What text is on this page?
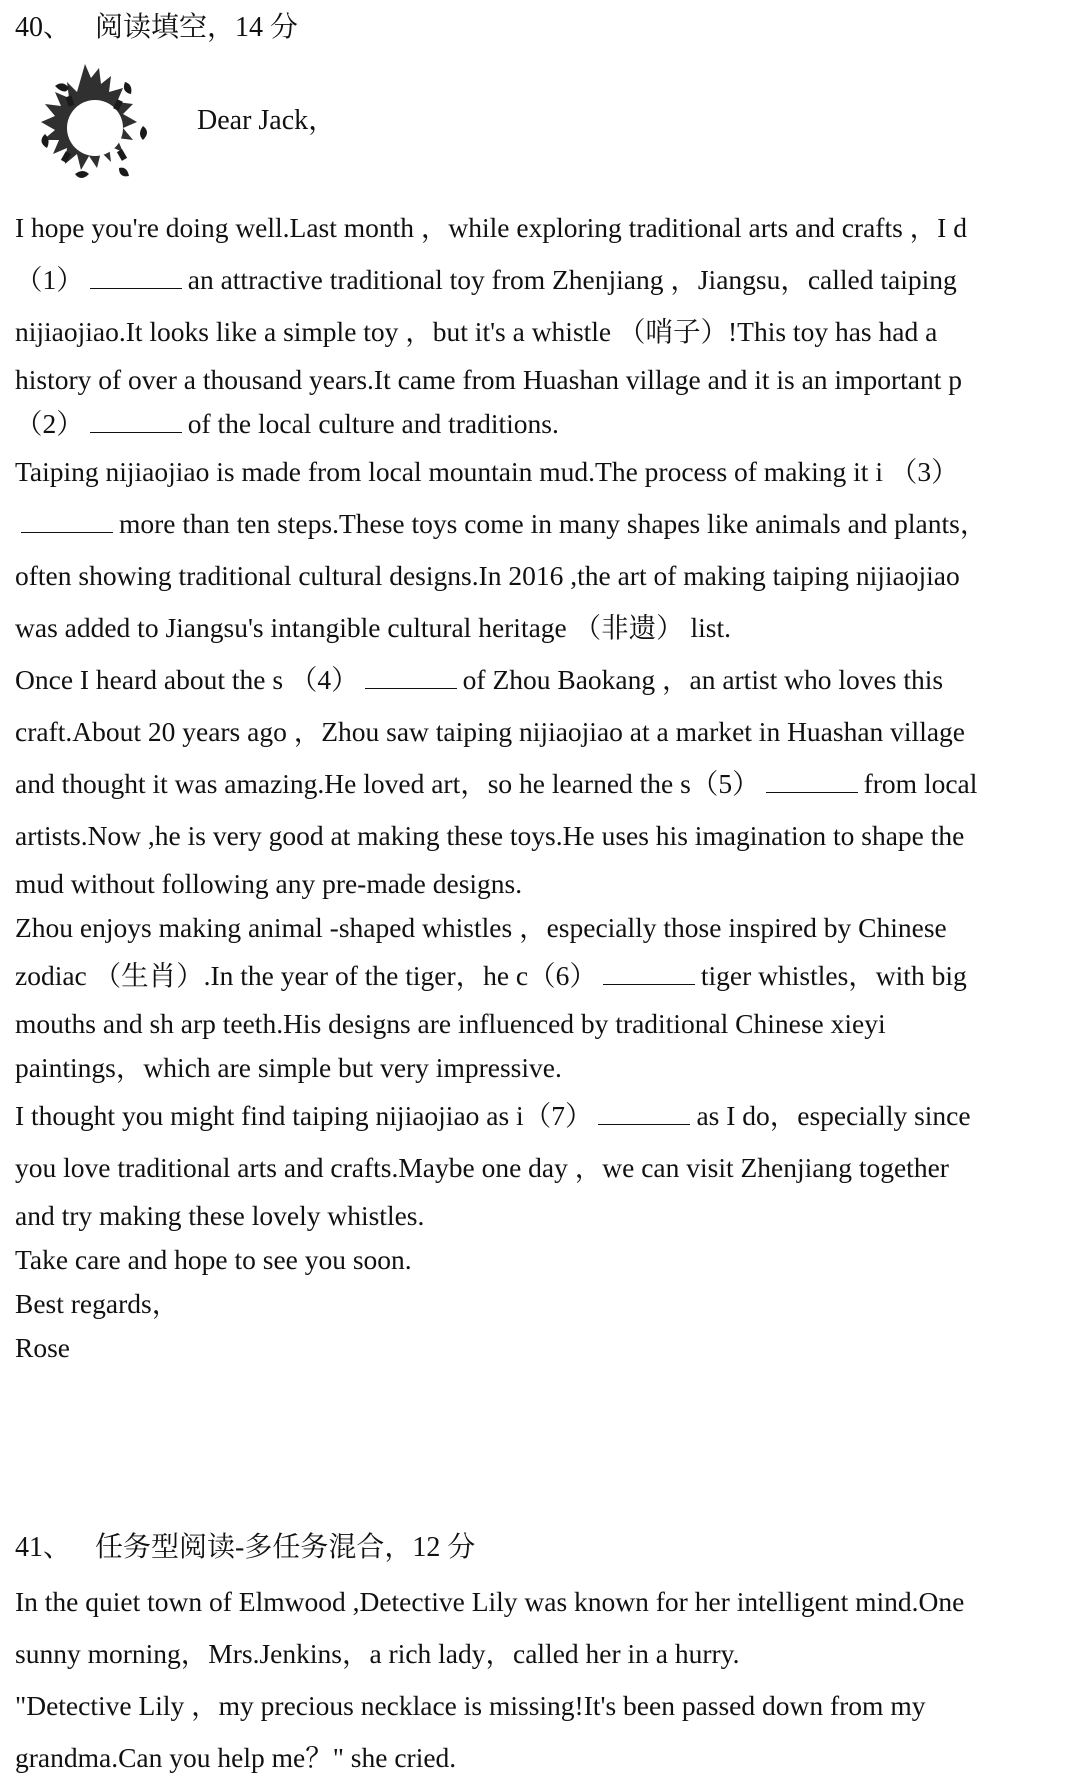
40、 阅读填空，14 分
Dear Jack，
I hope you're doing well.Last month ，while exploring traditional arts and crafts ，I d
（1）	an attractive traditional toy from Zhenjiang ，Jiangsu，called taiping
nijiaojiao.It looks like a simple toy ，but it's a whistle （哨子）!This toy has had a
history of over a thousand years.It came from Huashan village and it is an important p
（2）	of the local culture and traditions.
Taiping nijiaojiao is made from local mountain mud.The process of making it i （3）
more than ten steps.These toys come in many shapes like animals and plants，
often showing traditional cultural designs.In 2016 ,the art of making taiping nijiaojiao
was added to Jiangsu's intangible cultural heritage （非遗） list.
Once I heard about the s （4）	of Zhou Baokang ，an artist who loves this
craft.About 20 years ago ，Zhou saw taiping nijiaojiao at a market in Huashan village
and thought it was amazing.He loved art，so he learned the s（5）	from local
artists.Now ,he is very good at making these toys.He uses his imagination to shape the
mud without following any pre-made designs.
Zhou enjoys making animal -shaped whistles ，especially those inspired by Chinese
zodiac （生肖）.In the year of the tiger，he c（6）	tiger whistles，with big
mouths and sh arp teeth.His designs are influenced by traditional Chinese xieyi
paintings，which are simple but very impressive.
I thought you might find taiping nijiaojiao as i（7）	as I do，especially since
you love traditional arts and crafts.Maybe one day ，we can visit Zhenjiang together
and try making these lovely whistles.
Take care and hope to see you soon.
Best regards，
Rose
41、 任务型阅读-多任务混合，12 分
In the quiet town of Elmwood ,Detective Lily was known for her intelligent mind.One
sunny morning，Mrs.Jenkins，a rich lady，called her in a hurry.
"Detective Lily ，my precious necklace is missing!It's been passed down from my
grandma.Can you help me？" she cried.
